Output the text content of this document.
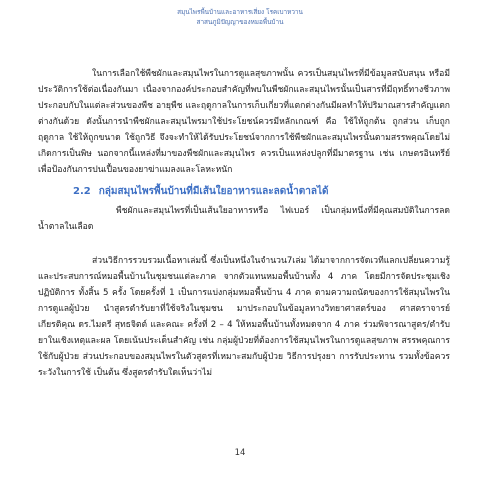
สมุนไพรพื้นบ้านและอาหารเสี่ยง โรคเบาหวาน
สาสนภูมิปัญญาของหมอพื้นบ้าน

ในการเลือกใช้พืชผักและสมุนไพรในการดูแลสุขภาพนั้น ควรเป็นสมุนไพรที่มีข้อมูลสนับสนุน หรือมีประวัติการใช้ต่อเนื่องกันมา เนื่องจากองค์ประกอบสำคัญที่พบในพืชผักและสมุนไพรนั้นเป็นสารที่มีฤทธิ์ทางชีวภาพ ประกอบกับในแต่ละส่วนของพืช อายุพืช และฤดูกาลในการเก็บเกี่ยวที่แตกต่างกันมีผลทำให้ปริมาณสารสำคัญแตกต่างกันด้วย ดังนั้นการนำพืชผักและสมุนไพรมาใช้ประโยชน์ควรมีหลักเกณฑ์ คือ ใช้ให้ถูกต้น ถูกส่วน เก็บถูกฤดูกาล ใช้ให้ถูกขนาด ใช้ถูกวิธี จึงจะทำให้ได้รับประโยชน์จากการใช้พืชผักและสมุนไพรนั้นตามสรรพคุณโดยไม่เกิดการเป็นพิษ นอกจากนี้แหล่งที่มาของพืชผักและสมุนไพร ควรเป็นแหล่งปลูกที่มีมาตรฐาน เช่น เกษตรอินทรีย์ เพื่อป้องกันการปนเปื้อนของยาฆ่าแมลงและโลหะหนัก

2.2 กลุ่มสมุนไพรพื้นบ้านที่มีเส้นใยอาหารและลดน้ำตาลได้

พืชผักและสมุนไพรที่เป็นเส้นใยอาหารหรือ ไฟเบอร์ เป็นกลุ่มหนึ่งที่มีคุณสมบัติในการลดน้ำตาลในเลือด

ส่วนวิธีการรวบรวมเนื้อหาเล่มนี้ ซึ่งเป็นหนึ่งในจำนวน7เล่ม ได้มาจากการจัดเวทีแลกเปลี่ยนความรู้และประสบการณ์หมอพื้นบ้านในชุมชนแต่ละภาค จากตัวแทนหมอพื้นบ้านทั้ง 4 ภาค โดยมีการจัดประชุมเชิงปฏิบัติการ ทั้งสิ้น 5 ครั้ง โดยครั้งที่ 1 เป็นการแบ่งกลุ่มหมอพื้นบ้าน 4 ภาค ตามความถนัดของการใช้สมุนไพรในการดูแลผู้ป่วย นำสูตรตำรับยาที่ใช้จริงในชุมชน มาประกอบในข้อมูลทางวิทยาศาสตร์ของ ศาสตราจารย์เกียรติคุณ ดร.ไมตรี สุทธจิตต์ และคณะ ครั้งที่ 2 – 4 ให้หมอพื้นบ้านทั้งหมดจาก 4 ภาค ร่วมพิจารณาสูตร/ตำรับยาในเชิงเหตุและผล โดยเน้นประเด็นสำคัญ เช่น กลุ่มผู้ป่วยที่ต้องการใช้สมุนไพรในการดูแลสุขภาพ สรรพคุณการใช้กับผู้ป่วย ส่วนประกอบของสมุนไพรในตัวสูตรที่เหมาะสมกับผู้ป่วย วิธีการปรุงยา การรับประทาน รวมทั้งข้อควรระวังในการใช้ เป็นต้น ซึ่งสูตรตำรับใดเห็นว่าไม่

14
